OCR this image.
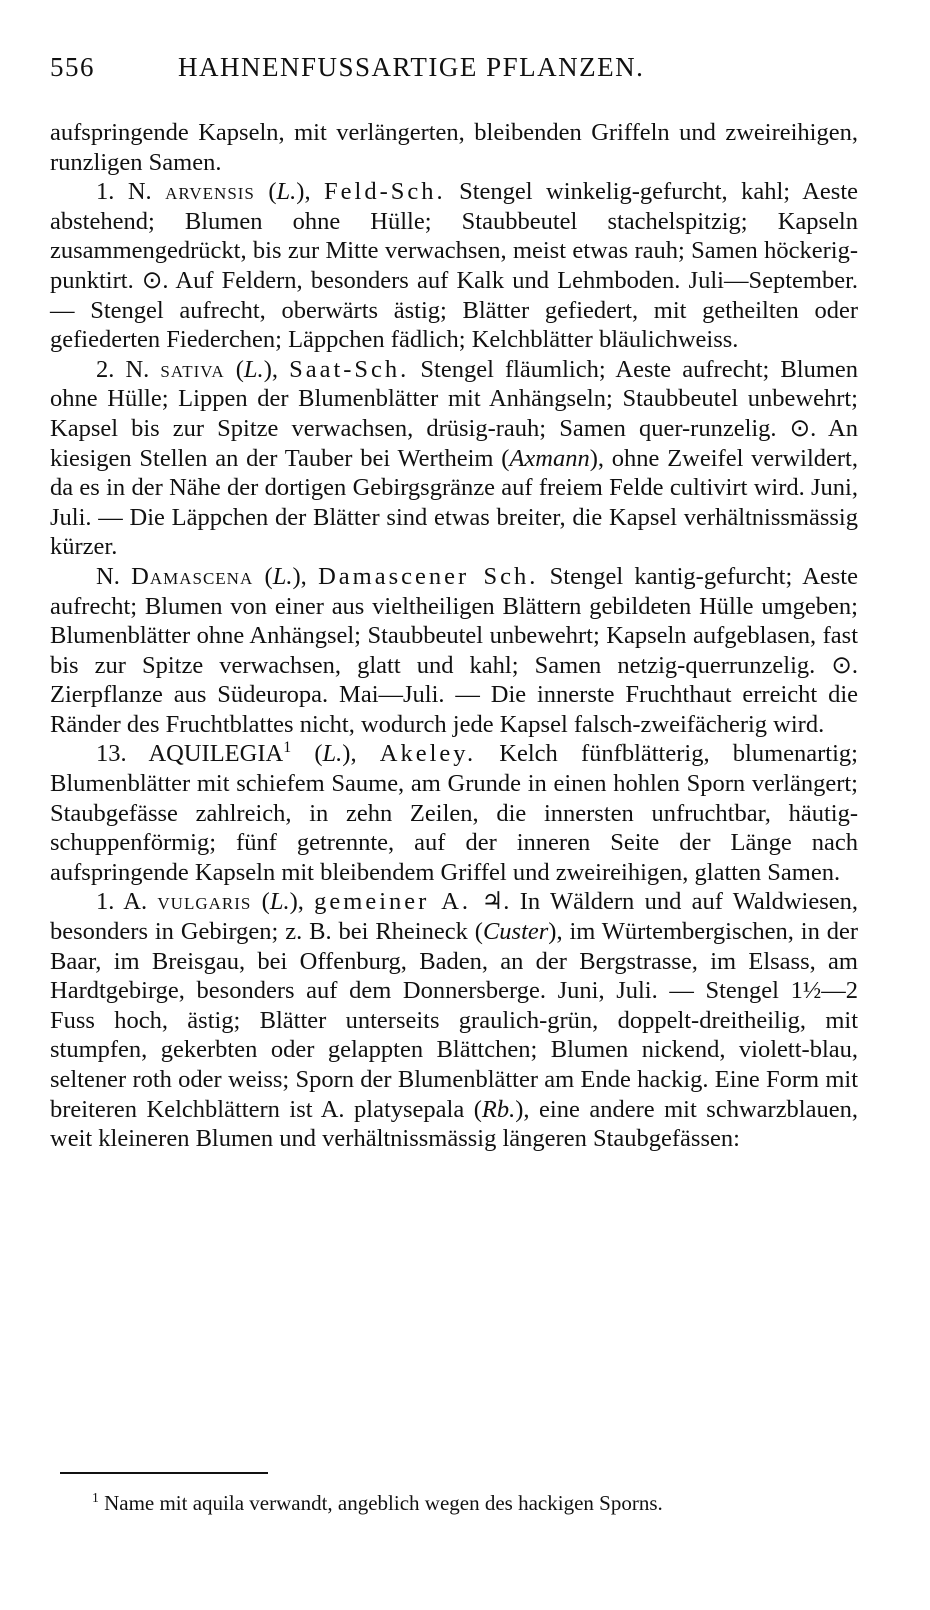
556	HAHNENFUSSARTIGE PFLANZEN.

aufspringende Kapseln, mit verlängerten, bleibenden Griffeln und zweireihigen, runzligen Samen.

1. N. arvensis (L.), Feld-Sch. Stengel winkelig-gefurcht, kahl; Aeste abstehend; Blumen ohne Hülle; Staubbeutel stachelspitzig; Kapseln zusammengedrückt, bis zur Mitte verwachsen, meist etwas rauh; Samen höckerig-punktirt. ⊙. Auf Feldern, besonders auf Kalk und Lehmboden. Juli—September. — Stengel aufrecht, oberwärts ästig; Blätter gefiedert, mit getheilten oder gefiederten Fiederchen; Läppchen fädlich; Kelchblätter bläulichweiss.

2. N. sativa (L.), Saat-Sch. Stengel fläumlich; Aeste aufrecht; Blumen ohne Hülle; Lippen der Blumenblätter mit Anhängseln; Staubbeutel unbewehrt; Kapsel bis zur Spitze verwachsen, drüsig-rauh; Samen quer-runzelig. ⊙. An kiesigen Stellen an der Tauber bei Wertheim (Axmann), ohne Zweifel verwildert, da es in der Nähe der dortigen Gebirgsgränze auf freiem Felde cultivirt wird. Juni, Juli. — Die Läppchen der Blätter sind etwas breiter, die Kapsel verhältnissmässig kürzer.

N. Damascena (L.), Damascener Sch. Stengel kantig-gefurcht; Aeste aufrecht; Blumen von einer aus vieltheiligen Blättern gebildeten Hülle umgeben; Blumenblätter ohne Anhängsel; Staubbeutel unbewehrt; Kapseln aufgeblasen, fast bis zur Spitze verwachsen, glatt und kahl; Samen netzig-querrunzelig. ⊙. Zierpflanze aus Südeuropa. Mai—Juli. — Die innerste Fruchthaut erreicht die Ränder des Fruchtblattes nicht, wodurch jede Kapsel falsch-zweifächerig wird.

13. AQUILEGIA$^1$ (L.), Akeley. Kelch fünfblätterig, blumenartig; Blumenblätter mit schiefem Saume, am Grunde in einen hohlen Sporn verlängert; Staubgefässe zahlreich, in zehn Zeilen, die innersten unfruchtbar, häutig-schuppenförmig; fünf getrennte, auf der inneren Seite der Länge nach aufspringende Kapseln mit bleibendem Griffel und zweireihigen, glatten Samen.

1. A. vulgaris (L.), gemeiner A. ♃. In Wäldern und auf Waldwiesen, besonders in Gebirgen; z. B. bei Rheineck (Custer), im Würtembergischen, in der Baar, im Breisgau, bei Offenburg, Baden, an der Bergstrasse, im Elsass, am Hardtgebirge, besonders auf dem Donnersberge. Juni, Juli. — Stengel 1½—2 Fuss hoch, ästig; Blätter unterseits graulich-grün, doppelt-dreitheilig, mit stumpfen, gekerbten oder gelappten Blättchen; Blumen nickend, violett-blau, seltener roth oder weiss; Sporn der Blumenblätter am Ende hackig. Eine Form mit breiteren Kelchblättern ist A. platysepala (Rb.), eine andere mit schwarzblauen, weit kleineren Blumen und verhältnissmässig längeren Staubgefässen:

$^1$ Name mit aquila verwandt, angeblich wegen des hackigen Sporns.
